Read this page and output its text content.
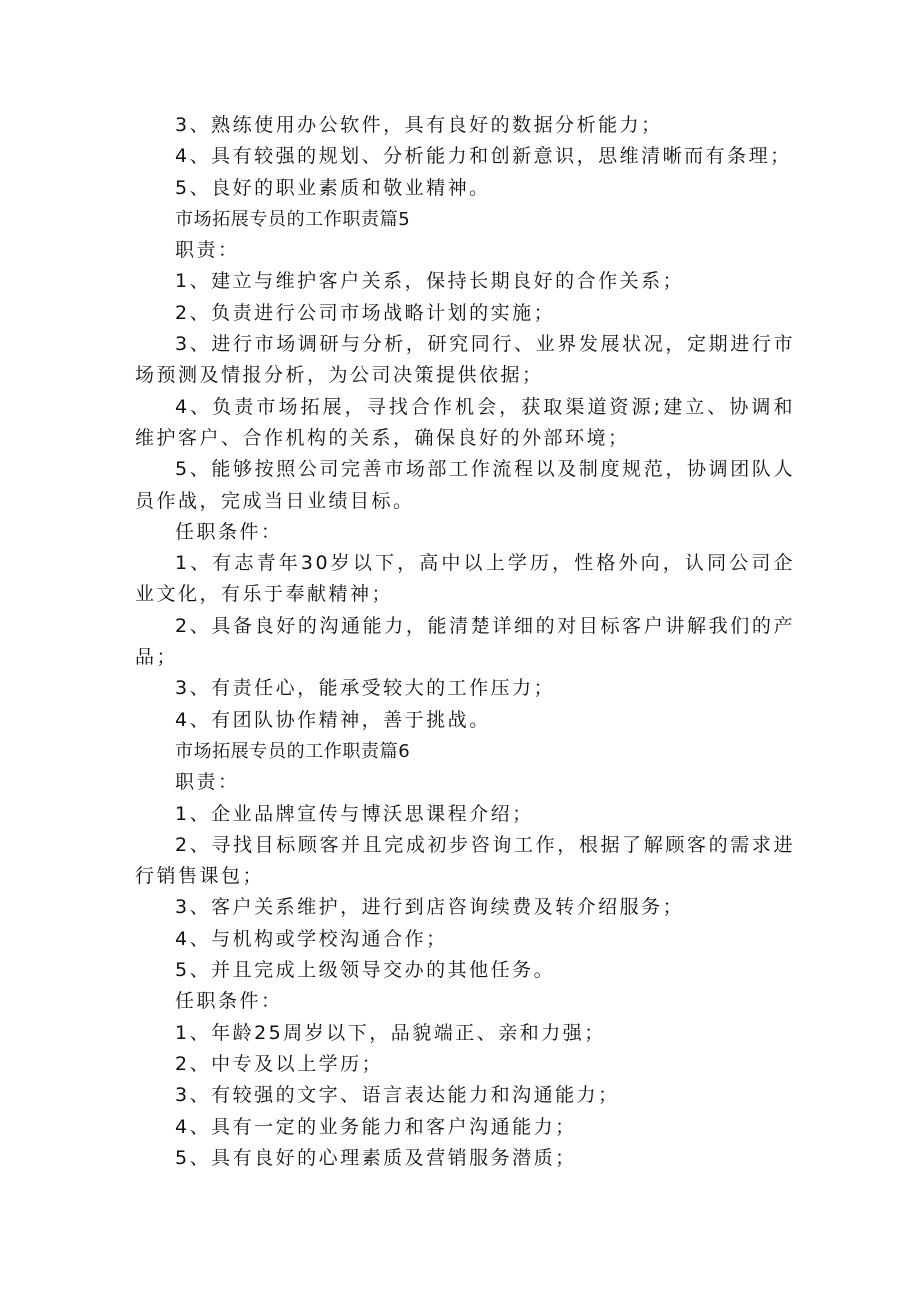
3、熟练使用办公软件，具有良好的数据分析能力；

4、具有较强的规划、分析能力和创新意识，思维清晰而有条理；

5、良好的职业素质和敬业精神。

市场拓展专员的工作职责篇5

职责：

1、建立与维护客户关系，保持长期良好的合作关系；

2、负责进行公司市场战略计划的实施；

3、进行市场调研与分析，研究同行、业界发展状况，定期进行市场预测及情报分析，为公司决策提供依据；

4、负责市场拓展，寻找合作机会，获取渠道资源;建立、协调和维护客户、合作机构的关系，确保良好的外部环境；

5、能够按照公司完善市场部工作流程以及制度规范，协调团队人员作战，完成当日业绩目标。

任职条件：

1、有志青年30岁以下，高中以上学历，性格外向，认同公司企业文化，有乐于奉献精神；

2、具备良好的沟通能力，能清楚详细的对目标客户讲解我们的产品；

3、有责任心，能承受较大的工作压力；

4、有团队协作精神，善于挑战。

市场拓展专员的工作职责篇6

职责：

1、企业品牌宣传与博沃思课程介绍；

2、寻找目标顾客并且完成初步咨询工作，根据了解顾客的需求进行销售课包；

3、客户关系维护，进行到店咨询续费及转介绍服务；

4、与机构或学校沟通合作；

5、并且完成上级领导交办的其他任务。

任职条件：

1、年龄25周岁以下，品貌端正、亲和力强；

2、中专及以上学历；

3、有较强的文字、语言表达能力和沟通能力；

4、具有一定的业务能力和客户沟通能力；

5、具有良好的心理素质及营销服务潜质；
